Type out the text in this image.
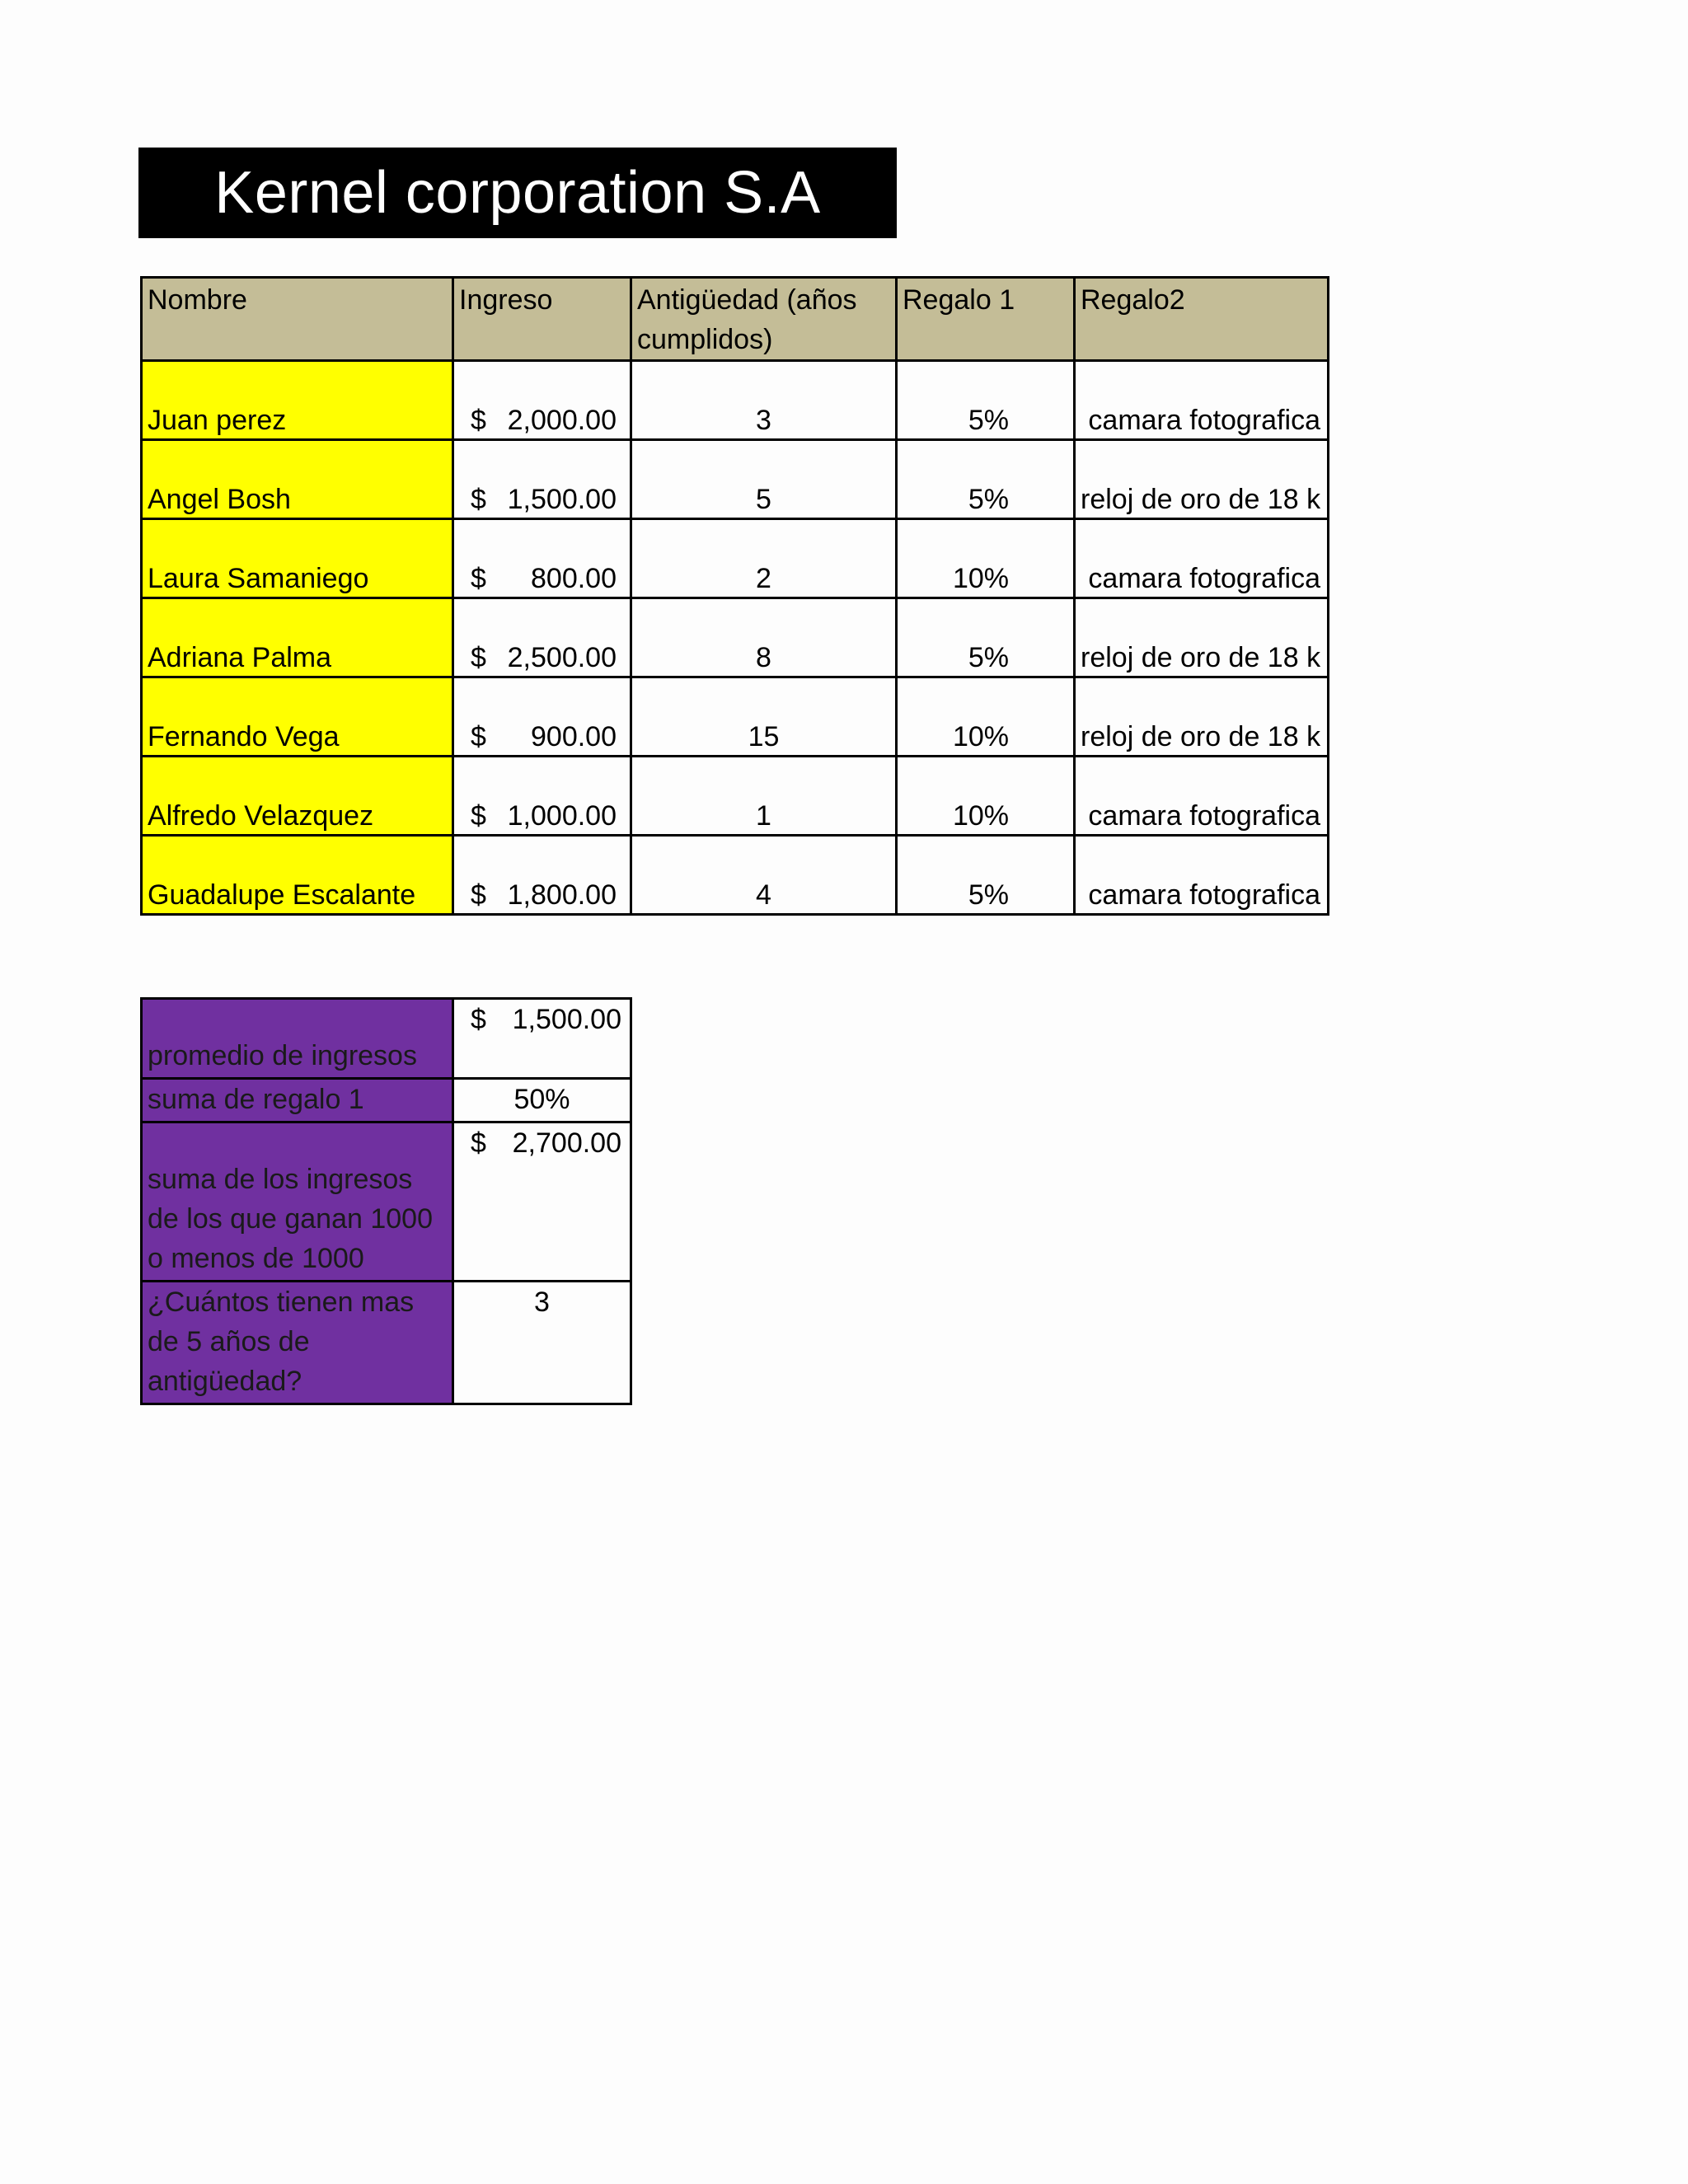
Kernel corporation S.A
Nombre	Ingreso	Antigüedad (años cumplidos)	Regalo 1	Regalo2
Juan perez	$ 2,000.00	3	5%	camara fotografica
Angel Bosh	$ 1,500.00	5	5%	reloj de oro de 18 k
Laura Samaniego	$ 800.00	2	10%	camara fotografica
Adriana Palma	$ 2,500.00	8	5%	reloj de oro de 18 k
Fernando Vega	$ 900.00	15	10%	reloj de oro de 18 k
Alfredo Velazquez	$ 1,000.00	1	10%	camara fotografica
Guadalupe Escalante	$ 1,800.00	4	5%	camara fotografica
promedio de ingresos	$ 1,500.00

suma de regalo 1	50%
suma de los ingresos de los que ganan 1000 o menos de 1000	$ 2,700.00

¿Cuántos tienen mas de 5 años de antigüedad?	3
